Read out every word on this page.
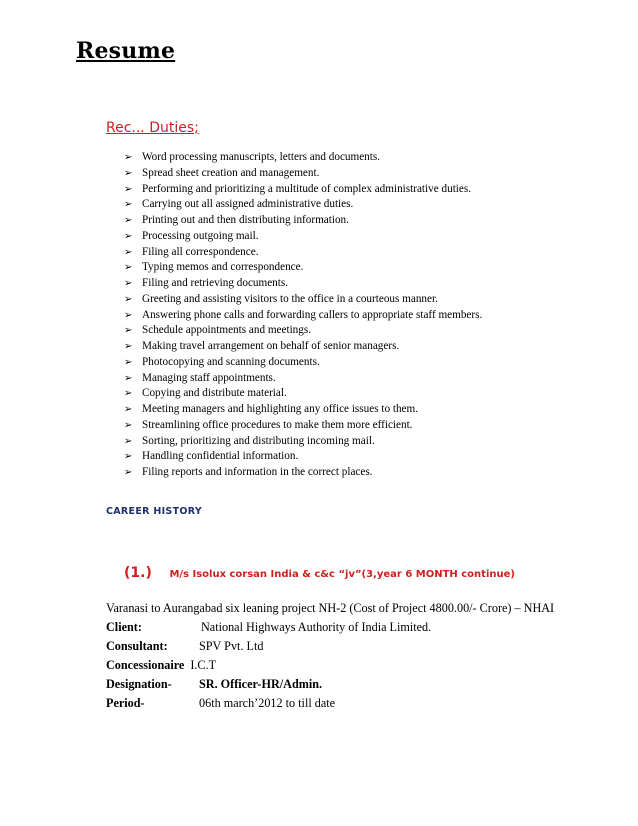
Resume
Rec... Duties;
➢ Word processing manuscripts, letters and documents.
➢ Spread sheet creation and management.
➢ Performing and prioritizing a multitude of complex administrative duties.
➢ Carrying out all assigned administrative duties.
➢ Printing out and then distributing information.
➢ Processing outgoing mail.
➢ Filing all correspondence.
➢ Typing memos and correspondence.
➢ Filing and retrieving documents.
➢ Greeting and assisting visitors to the office in a courteous manner.
➢ Answering phone calls and forwarding callers to appropriate staff members.
➢ Schedule appointments and meetings.
➢ Making travel arrangement on behalf of senior managers.
➢ Photocopying and scanning documents.
➢ Managing staff appointments.
➢ Copying and distribute material.
➢ Meeting managers and highlighting any office issues to them.
➢ Streamlining office procedures to make them more efficient.
➢ Sorting, prioritizing and distributing incoming mail.
➢ Handling confidential information.
➢ Filing reports and information in the correct places.
CAREER HISTORY
(1.) M/s Isolux corsan India & c&c “jv”(3,year 6 MONTH continue)
Varanasi to Aurangabad six leaning project NH-2 (Cost of Project 4800.00/- Crore) – NHAI
Client:	National Highways Authority of India Limited.
Consultant:	SPV Pvt. Ltd
Concessionaire I.C.T
Designation-	SR. Officer-HR/Admin.
Period-	06th march’2012 to till date
